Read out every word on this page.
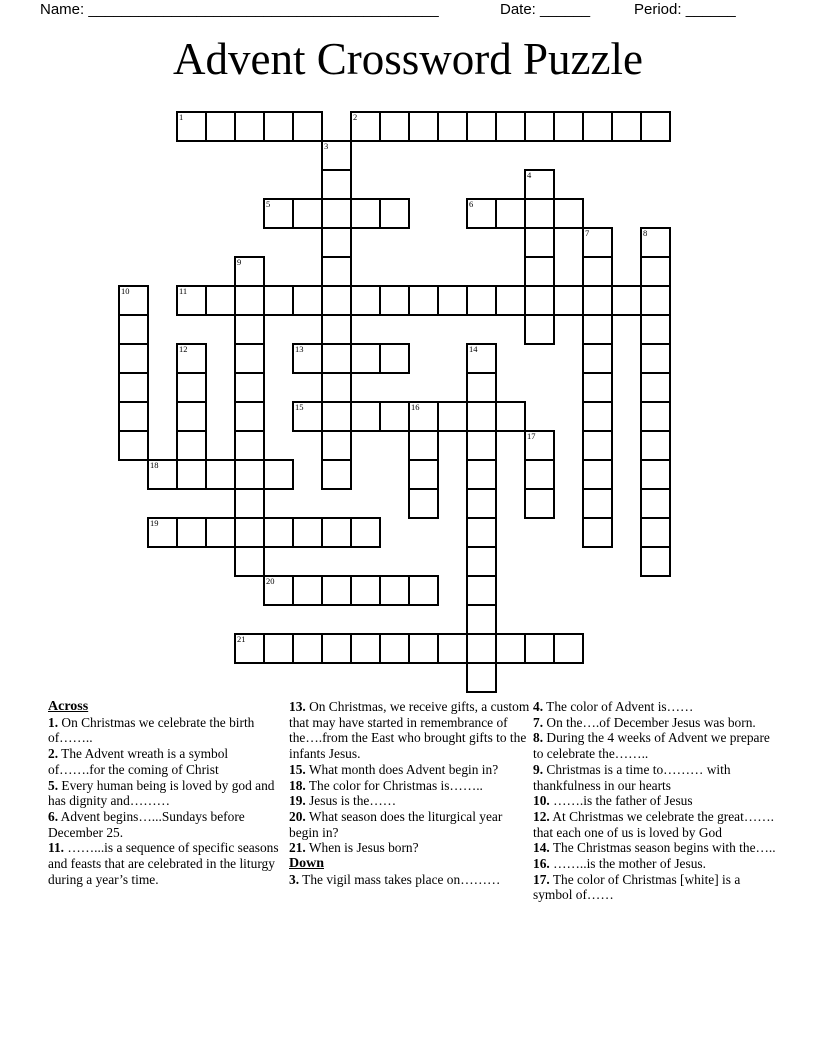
Name: __________________________________________	Date: ______	Period: ______
Advent Crossword Puzzle
1	2
5	6
11
13
15	16
18
19
20
21
3
4
7	8
9
10
12	14
17
Across
1. On Christmas we celebrate the birth of……..
2. The Advent wreath is a symbol of…….for the coming of Christ
5. Every human being is loved by god and has dignity and………
6. Advent begins…...Sundays before December 25.
11. ……...is a sequence of specific seasons and feasts that are celebrated in the liturgy during a year’s time.
13. On Christmas, we receive gifts, a custom that may have started in remembrance of the….from the East who brought gifts to the infants Jesus.
15. What month does Advent begin in?
18. The color for Christmas is……..
19. Jesus is the……
20. What season does the liturgical year begin in?
21. When is Jesus born?
Down
3. The vigil mass takes place on………
4. The color of Advent is……
7. On the….of December Jesus was born.
8. During the 4 weeks of Advent we prepare to celebrate the……..
9. Christmas is a time to……… with thankfulness in our hearts
10. …….is the father of Jesus
12. At Christmas we celebrate the great……. that each one of us is loved by God
14. The Christmas season begins with the…..
16. ……..is the mother of Jesus.
17. The color of Christmas [white] is a symbol of……
